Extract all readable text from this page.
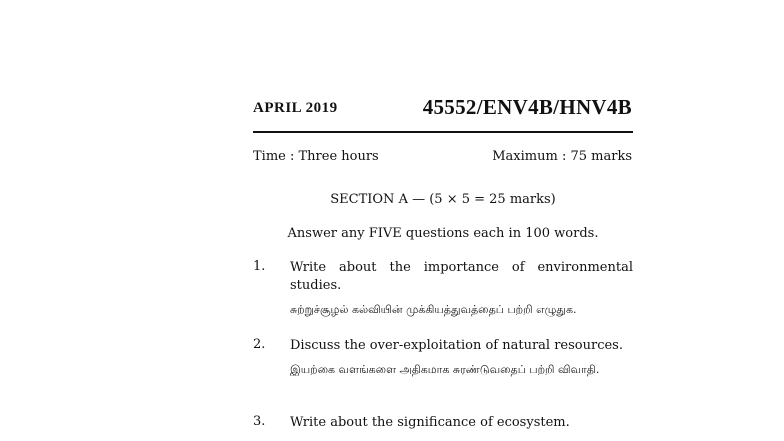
APRIL 2019	45552/ENV4B/HNV4B
Time : Three hours	Maximum : 75 marks
SECTION A — (5 × 5 = 25 marks)
Answer any FIVE questions each in 100 words.
1. Write about the importance of environmental studies.
சுற்றுச்சூழல் கல்வியின் முக்கியத்துவத்தைப் பற்றி எழுதுக.
2. Discuss the over-exploitation of natural resources.
இயற்கை வளங்களை அதிகமாக சுரண்டுவதைப் பற்றி விவாதி.
3. Write about the significance of ecosystem.
